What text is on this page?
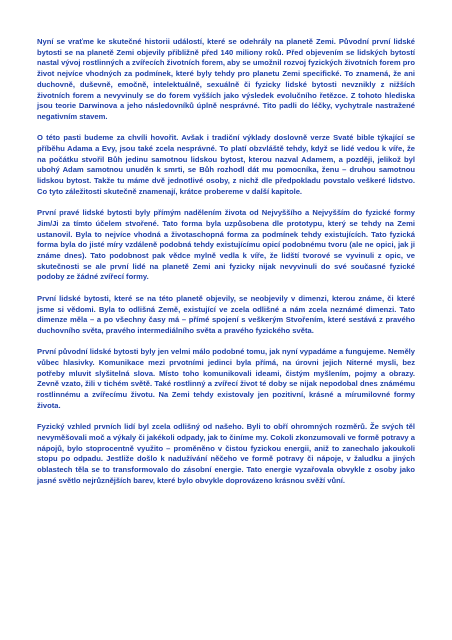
Nyní se vraťme ke skutečné historii událostí, které se odehrály na planetě Zemi. Původní první lidské bytosti se na planetě Zemi objevily přibližně před 140 miliony roků. Před objevením se lidských bytostí nastal vývoj rostlinných a zvířecích životních forem, aby se umožnil rozvoj fyzických životních forem pro život nejvíce vhodných za podmínek, které byly tehdy pro planetu Zemi specifické. To znamená, že ani duchovně, duševně, emočně, intelektuálně, sexuálně či fyzicky lidské bytosti nevznikly z nižších životních forem a nevyvinuly se do forem vyšších jako výsledek evolučního řetězce. Z tohoto hlediska jsou teorie Darwinova a jeho následovníků úplně nesprávné. Tito padli do léčky, vychytrale nastražené negativním stavem.

O této pasti budeme za chvíli hovořit. Avšak i tradiční výklady doslovně verze Svaté bible týkající se příběhu Adama a Evy, jsou také zcela nesprávné. To platí obzvláště tehdy, když se lidé vedou k víře, že na počátku stvořil Bůh jedinu samotnou lidskou bytost, kterou nazval Adamem, a později, jelikož byl ubohý Adam samotnou unuděn k smrti, se Bůh rozhodl dát mu pomocníka, ženu – druhou samotnou lidskou bytost. Takže tu máme dvě jednotlivé osoby, z nichž dle předpokladu povstalo veškeré lidstvo. Co tyto záležitosti skutečně znamenají, krátce probereme v další kapitole.

První pravé lidské bytosti byly přímým nadělením života od Nejvyššího a Nejvyšším do fyzické formy Jim/Ji za tímto účelem stvořené. Tato forma byla uzpůsobena dle prototypu, který se tehdy na Zemi ustanovil. Byla to nejvíce vhodná a životaschopná forma za podmínek tehdy existujících. Tato fyzická forma byla do jisté míry vzdáleně podobná tehdy existujícímu opicí podobnému tvoru (ale ne opici, jak ji známe dnes). Tato podobnost pak vědce mylně vedla k víře, že lidští tvorové se vyvinuli z opic, ve skutečnosti se ale první lidé na planetě Zemi ani fyzicky nijak nevyvinuli do své současné fyzické podoby ze žádné zvířecí formy.

První lidské bytosti, které se na této planetě objevily, se neobjevily v dimenzi, kterou známe, či které jsme si vědomi. Byla to odlišná Země, existující ve zcela odlišné a nám zcela neznámé dimenzi. Tato dimenze měla – a po všechny časy má – přímé spojení s veškerým Stvořením, které sestává z pravého duchovního světa, pravého intermediálního světa a pravého fyzického světa.

První původní lidské bytosti byly jen velmi málo podobné tomu, jak nyní vypadáme a fungujeme. Neměly vůbec hlasivky. Komunikace mezi prvotními jedinci byla přímá, na úrovni jejich Niterné mysli, bez potřeby mluvit slyšitelná slova. Místo toho komunikovali ideami, čistým myšlením, pojmy a obrazy. Zevně vzato, žili v tichém světě. Také rostlinný a zvířecí život té doby se nijak nepodobal dnes známému rostlinnému a zvířecímu životu. Na Zemi tehdy existovaly jen pozitivní, krásné a mírumilovné formy života.

Fyzický vzhled prvních lidí byl zcela odlišný od našeho. Byli to obří ohromných rozměrů. Že svých těl nevyměšovali moč a výkaly či jakékoli odpady, jak to činíme my. Cokoli zkonzumovali ve formě potravy a nápojů, bylo stoprocentně využito – proměněno v čistou fyzickou energii, aniž to zanechalo jakoukoli stopu po odpadu. Jestliže došlo k nadužívání něčeho ve formě potravy či nápoje, v žaludku a jiných oblastech těla se to transformovalo do zásobní energie. Tato energie vyzařovala obvykle z osoby jako jasné světlo nejrůznějších barev, které bylo obvykle doprovázeno krásnou svěží vůní.
